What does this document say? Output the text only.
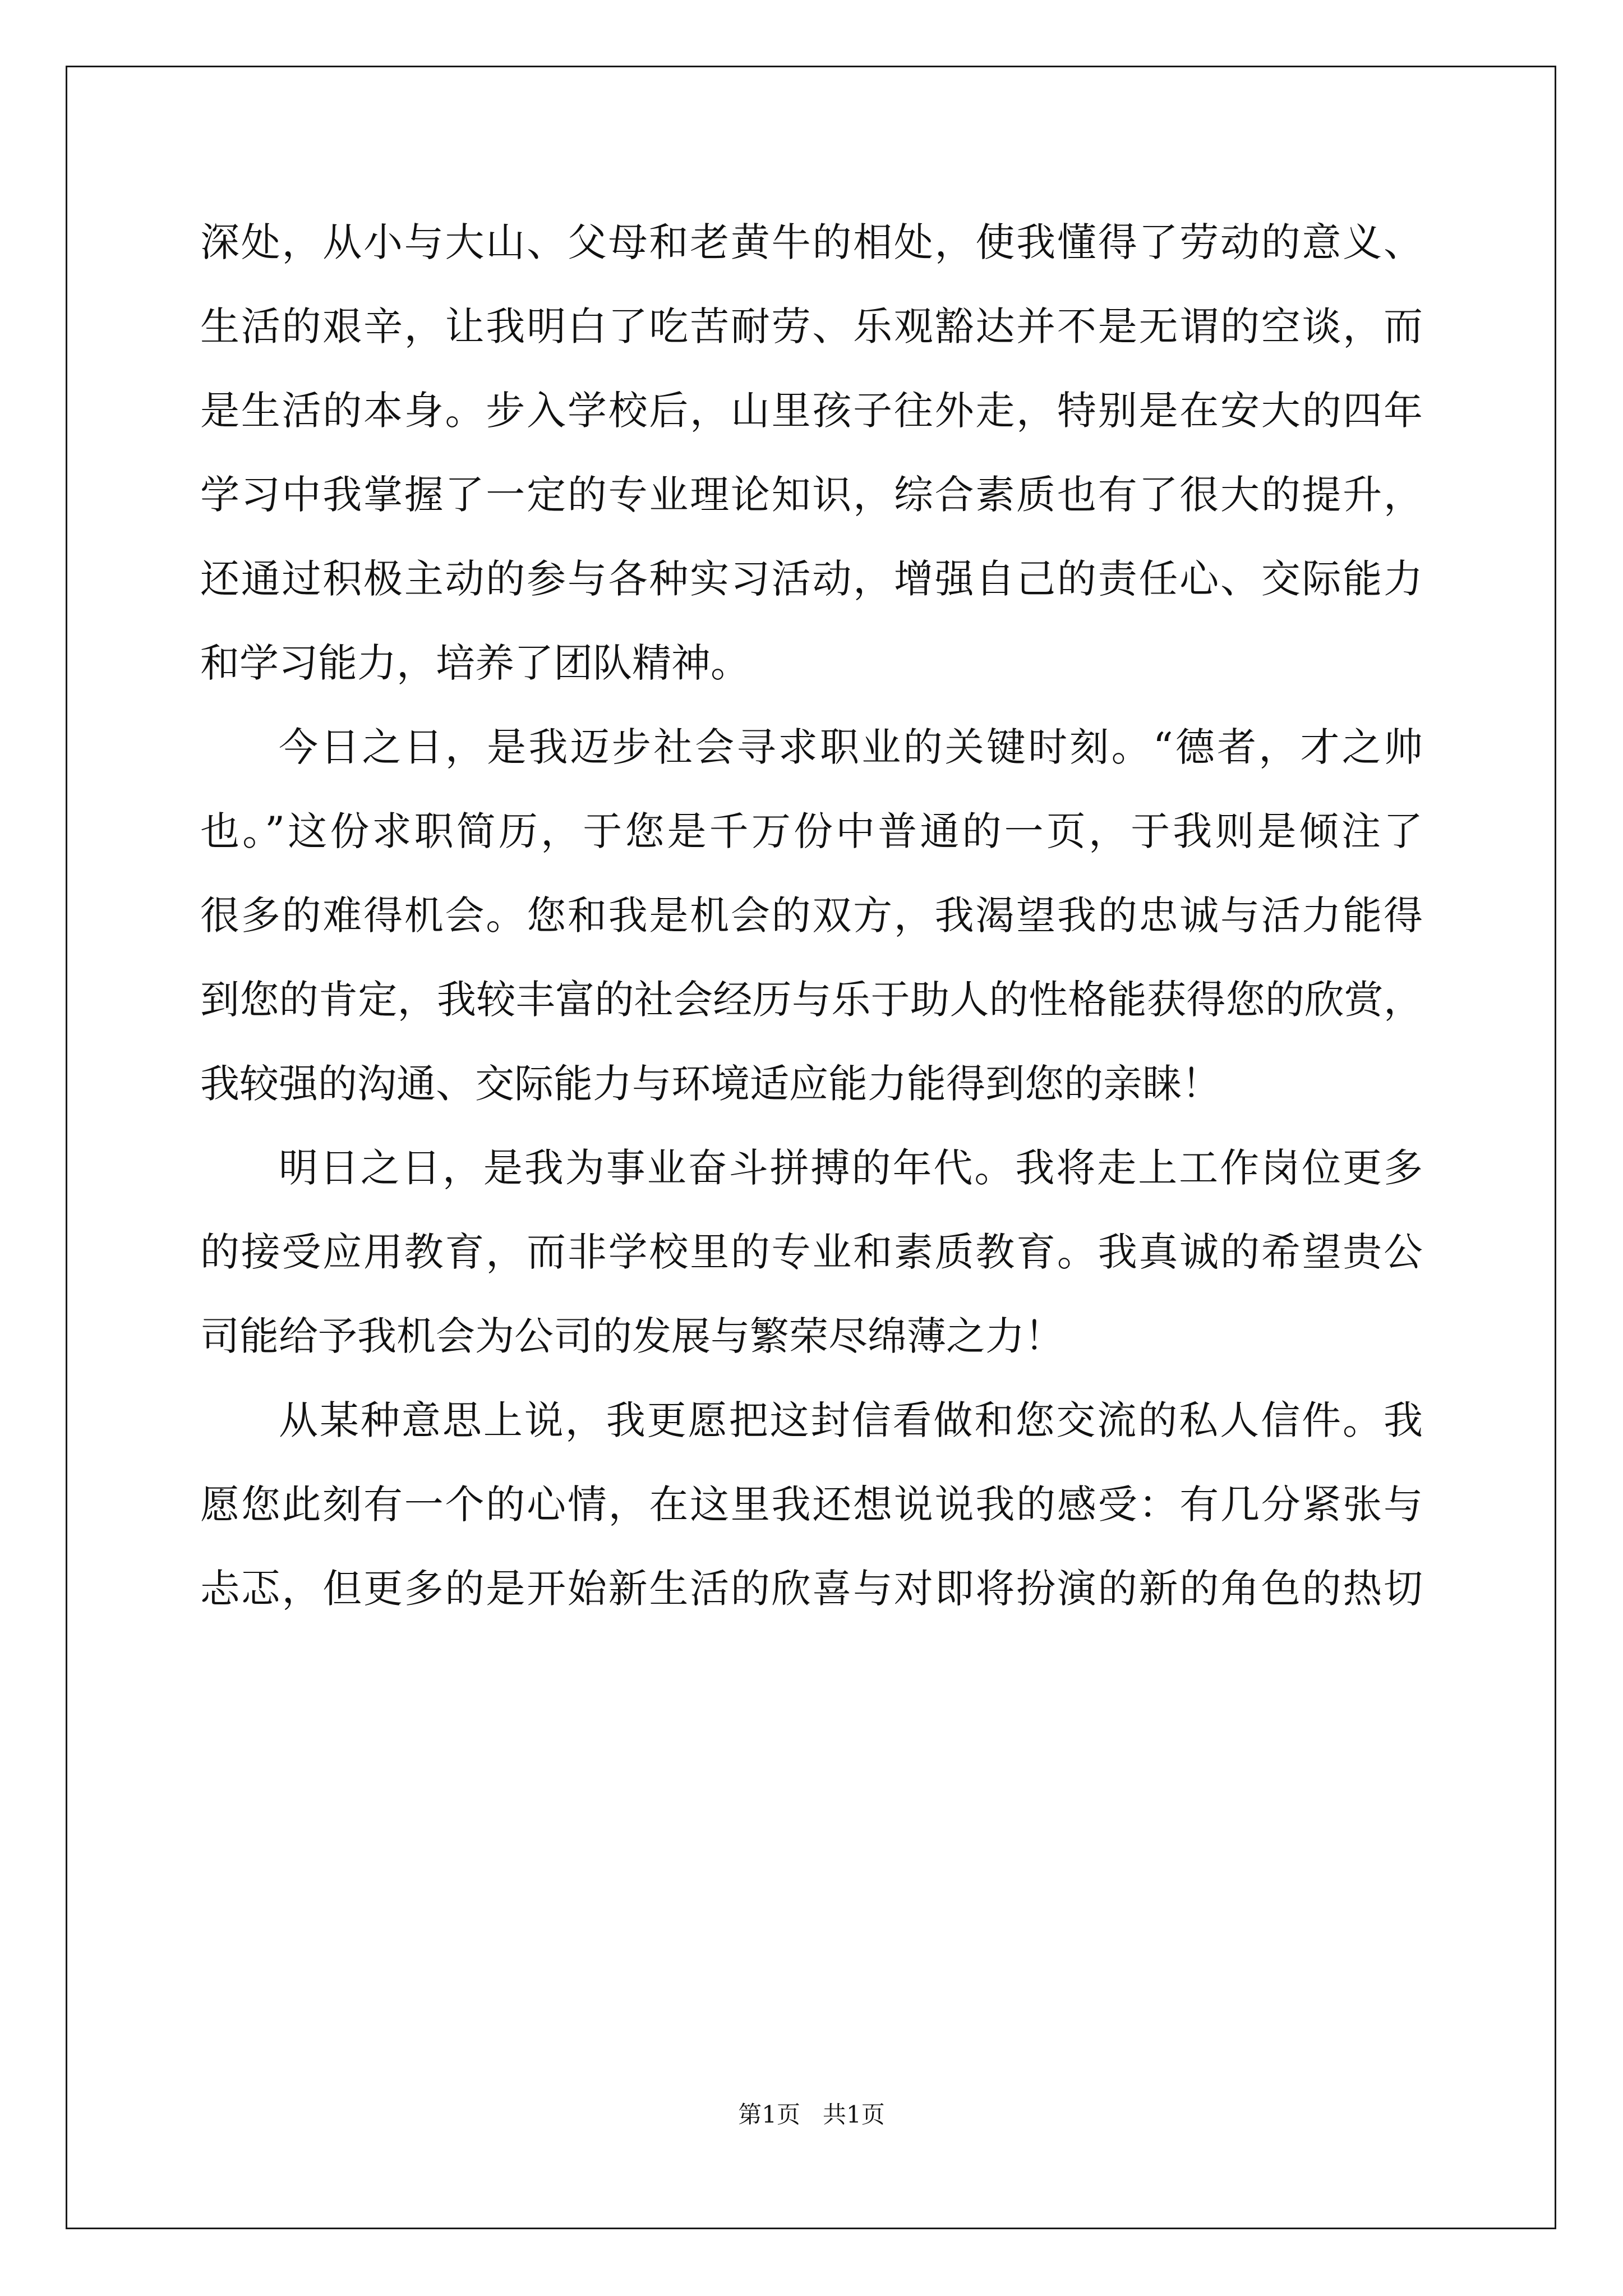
深处，从小与大山、父母和老黄牛的相处，使我懂得了劳动的意义、
生活的艰辛，让我明白了吃苦耐劳、乐观豁达并不是无谓的空谈，而
是生活的本身。步入学校后，山里孩子往外走，特别是在安大的四年
学习中我掌握了一定的专业理论知识，综合素质也有了很大的提升，
还通过积极主动的参与各种实习活动，增强自己的责任心、交际能力
和学习能力，培养了团队精神。
今日之日，是我迈步社会寻求职业的关键时刻。“德者，才之帅
也。”这份求职简历，于您是千万份中普通的一页，于我则是倾注了
很多的难得机会。您和我是机会的双方，我渴望我的忠诚与活力能得
到您的肯定，我较丰富的社会经历与乐于助人的性格能获得您的欣赏，
我较强的沟通、交际能力与环境适应能力能得到您的亲睐！
明日之日，是我为事业奋斗拼搏的年代。我将走上工作岗位更多
的接受应用教育，而非学校里的专业和素质教育。我真诚的希望贵公
司能给予我机会为公司的发展与繁荣尽绵薄之力！
从某种意思上说，我更愿把这封信看做和您交流的私人信件。我
愿您此刻有一个的心情，在这里我还想说说我的感受：有几分紧张与
忐忑，但更多的是开始新生活的欣喜与对即将扮演的新的角色的热切
第1页   共1页
